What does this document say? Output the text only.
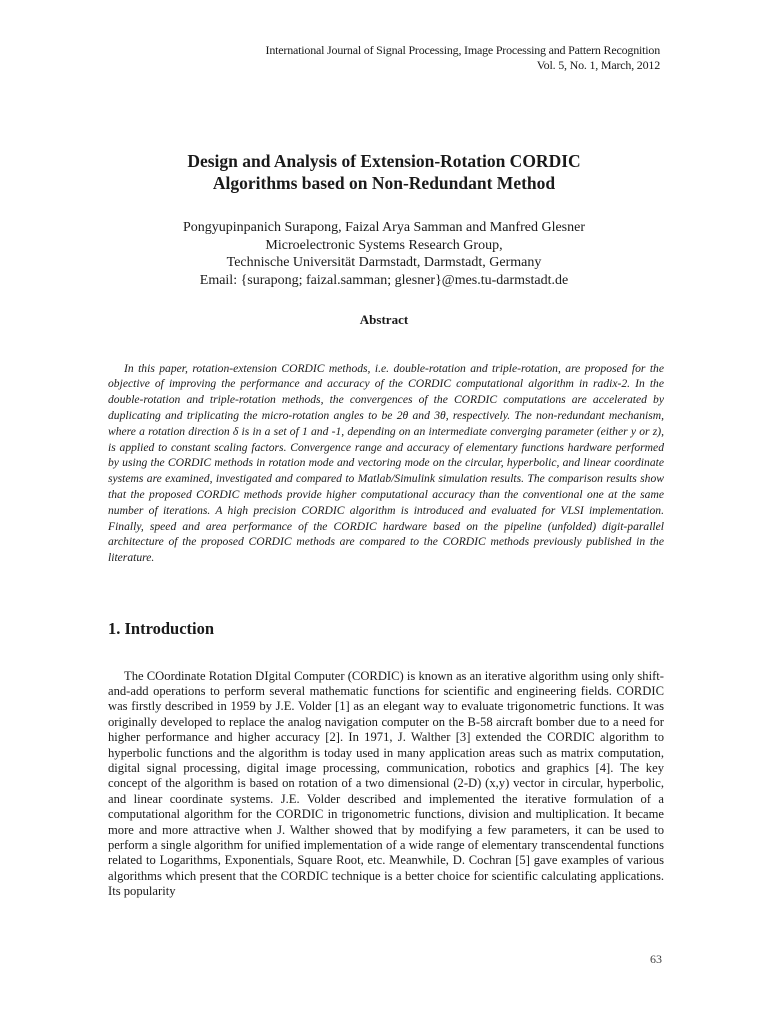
International Journal of Signal Processing, Image Processing and Pattern Recognition
Vol. 5, No. 1, March, 2012
Design and Analysis of Extension-Rotation CORDIC
Algorithms based on Non-Redundant Method
Pongyupinpanich Surapong, Faizal Arya Samman and Manfred Glesner
Microelectronic Systems Research Group,
Technische Universität Darmstadt, Darmstadt, Germany
Email: {surapong; faizal.samman; glesner}@mes.tu-darmstadt.de
Abstract

In this paper, rotation-extension CORDIC methods, i.e. double-rotation and triple-rotation, are proposed for the objective of improving the performance and accuracy of the CORDIC computational algorithm in radix-2. In the double-rotation and triple-rotation methods, the convergences of the CORDIC computations are accelerated by duplicating and triplicating the micro-rotation angles to be 2θ and 3θ, respectively. The non-redundant mechanism, where a rotation direction δ is in a set of 1 and -1, depending on an intermediate converging parameter (either y or z), is applied to constant scaling factors. Convergence range and accuracy of elementary functions hardware performed by using the CORDIC methods in rotation mode and vectoring mode on the circular, hyperbolic, and linear coordinate systems are examined, investigated and compared to Matlab/Simulink simulation results. The comparison results show that the proposed CORDIC methods provide higher computational accuracy than the conventional one at the same number of iterations. A high precision CORDIC algorithm is introduced and evaluated for VLSI implementation. Finally, speed and area performance of the CORDIC hardware based on the pipeline (unfolded) digit-parallel architecture of the proposed CORDIC methods are compared to the CORDIC methods previously published in the literature.

1. Introduction

The COordinate Rotation DIgital Computer (CORDIC) is known as an iterative algorithm using only shift-and-add operations to perform several mathematic functions for scientific and engineering fields. CORDIC was firstly described in 1959 by J.E. Volder [1] as an elegant way to evaluate trigonometric functions. It was originally developed to replace the analog navigation computer on the B-58 aircraft bomber due to a need for higher performance and higher accuracy [2]. In 1971, J. Walther [3] extended the CORDIC algorithm to hyperbolic functions and the algorithm is today used in many application areas such as matrix computation, digital signal processing, digital image processing, communication, robotics and graphics [4]. The key concept of the algorithm is based on rotation of a two dimensional (2-D) (x,y) vector in circular, hyperbolic, and linear coordinate systems. J.E. Volder described and implemented the iterative formulation of a computational algorithm for the CORDIC in trigonometric functions, division and multiplication. It became more and more attractive when J. Walther showed that by modifying a few parameters, it can be used to perform a single algorithm for unified implementation of a wide range of elementary transcendental functions related to Logarithms, Exponentials, Square Root, etc. Meanwhile, D. Cochran [5] gave examples of various algorithms which present that the CORDIC technique is a better choice for scientific calculating applications. Its popularity

63
